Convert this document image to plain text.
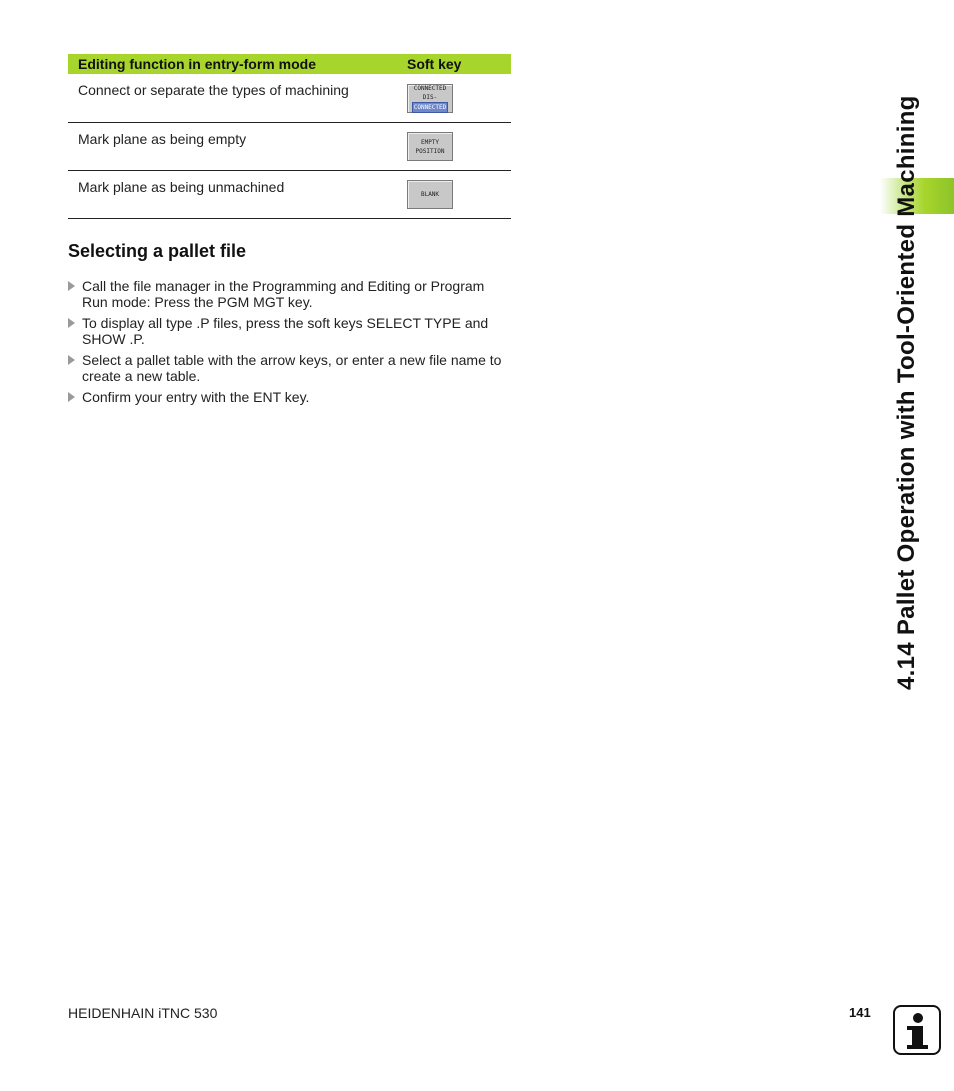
Editing function in entry-form mode	Soft key
Connect or separate the types of machining	CONNECTED
DIS-
CONNECTED
Mark plane as being empty	EMPTY
POSITION
Mark plane as being unmachined	BLANK
Selecting a pallet file
Call the file manager in the Programming and Editing or Program Run mode: Press the PGM MGT key.
To display all type .P files, press the soft keys SELECT TYPE and SHOW .P.
Select a pallet table with the arrow keys, or enter a new file name to create a new table.
Confirm your entry with the ENT key.	4.14 Pallet Operation with Tool-Oriented Machining
HEIDENHAIN iTNC 530	141
